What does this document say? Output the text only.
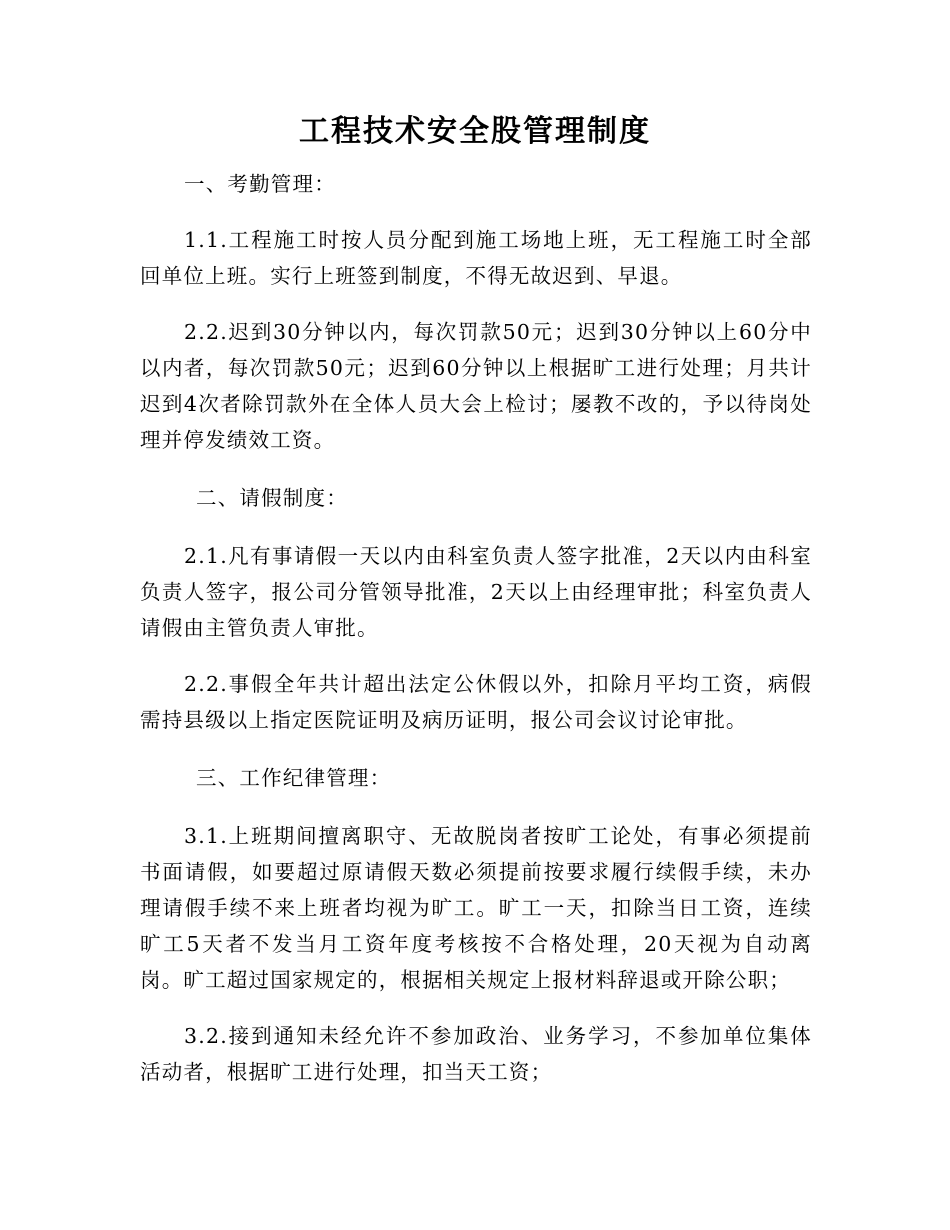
工程技术安全股管理制度

一、考勤管理：

1.1.工程施工时按人员分配到施工场地上班，无工程施工时全部回单位上班。实行上班签到制度，不得无故迟到、早退。

2.2.迟到30分钟以内，每次罚款50元；迟到30分钟以上60分中以内者，每次罚款50元；迟到60分钟以上根据旷工进行处理；月共计迟到4次者除罚款外在全体人员大会上检讨；屡教不改的，予以待岗处理并停发绩效工资。

二、请假制度：

2.1.凡有事请假一天以内由科室负责人签字批准，2天以内由科室负责人签字，报公司分管领导批准，2天以上由经理审批；科室负责人请假由主管负责人审批。

2.2.事假全年共计超出法定公休假以外，扣除月平均工资，病假需持县级以上指定医院证明及病历证明，报公司会议讨论审批。

三、工作纪律管理：

3.1.上班期间擅离职守、无故脱岗者按旷工论处，有事必须提前书面请假，如要超过原请假天数必须提前按要求履行续假手续，未办理请假手续不来上班者均视为旷工。旷工一天，扣除当日工资，连续旷工5天者不发当月工资年度考核按不合格处理，20天视为自动离岗。旷工超过国家规定的，根据相关规定上报材料辞退或开除公职；

3.2.接到通知未经允许不参加政治、业务学习，不参加单位集体活动者，根据旷工进行处理，扣当天工资；
